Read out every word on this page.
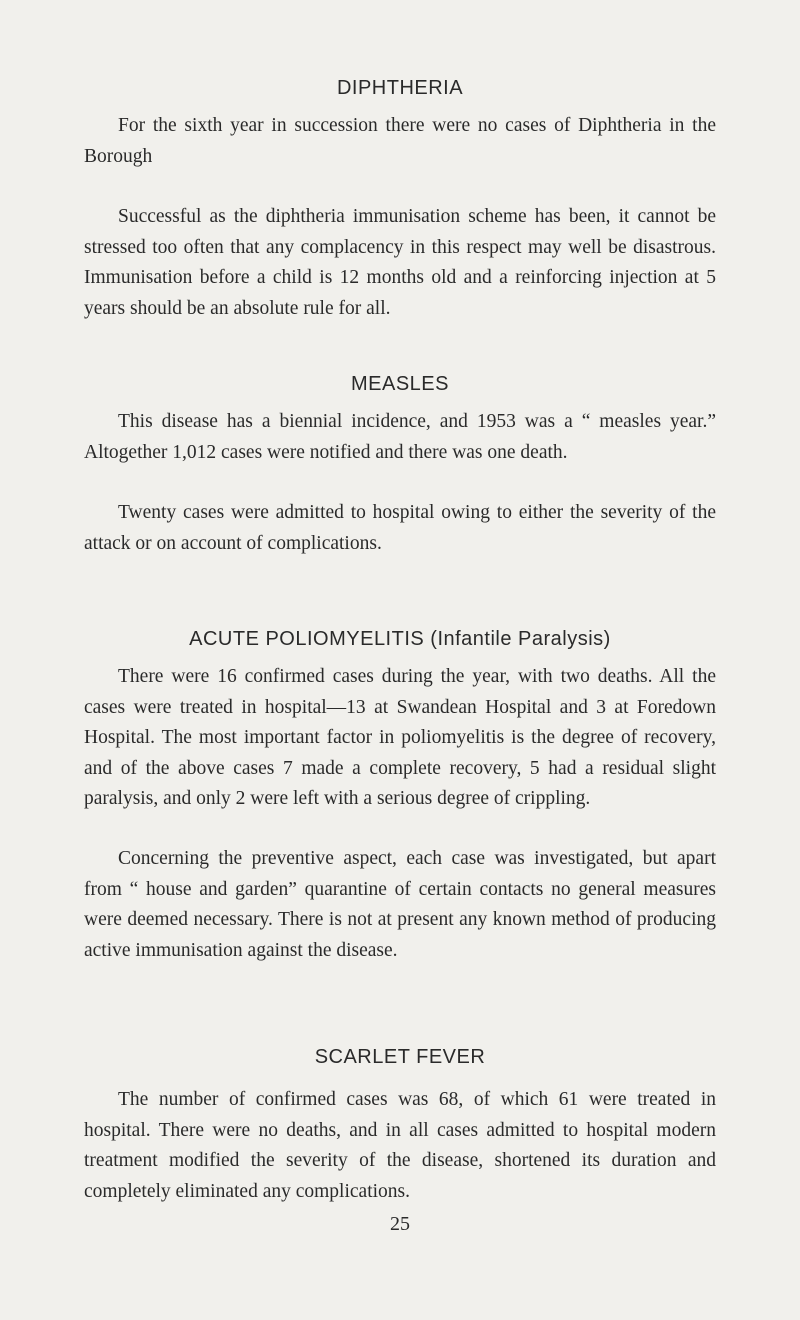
DIPHTHERIA

For the sixth year in succession there were no cases of Diphtheria in the Borough

Successful as the diphtheria immunisation scheme has been, it cannot be stressed too often that any complacency in this respect may well be disastrous. Immunisation before a child is 12 months old and a reinforcing injection at 5 years should be an absolute rule for all.

MEASLES

This disease has a biennial incidence, and 1953 was a “ measles year.” Altogether 1,012 cases were notified and there was one death.

Twenty cases were admitted to hospital owing to either the severity of the attack or on account of complications.

ACUTE POLIOMYELITIS (Infantile Paralysis)

There were 16 confirmed cases during the year, with two deaths. All the cases were treated in hospital—13 at Swandean Hospital and 3 at Foredown Hospital. The most important factor in poliomyelitis is the degree of recovery, and of the above cases 7 made a complete recovery, 5 had a residual slight paralysis, and only 2 were left with a serious degree of crippling.

Concerning the preventive aspect, each case was investigated, but apart from “ house and garden” quarantine of certain contacts no general measures were deemed necessary. There is not at present any known method of producing active immunisation against the disease.

SCARLET FEVER

The number of confirmed cases was 68, of which 61 were treated in hospital. There were no deaths, and in all cases admitted to hospital modern treatment modified the severity of the disease, shortened its duration and completely eliminated any complications.

25
